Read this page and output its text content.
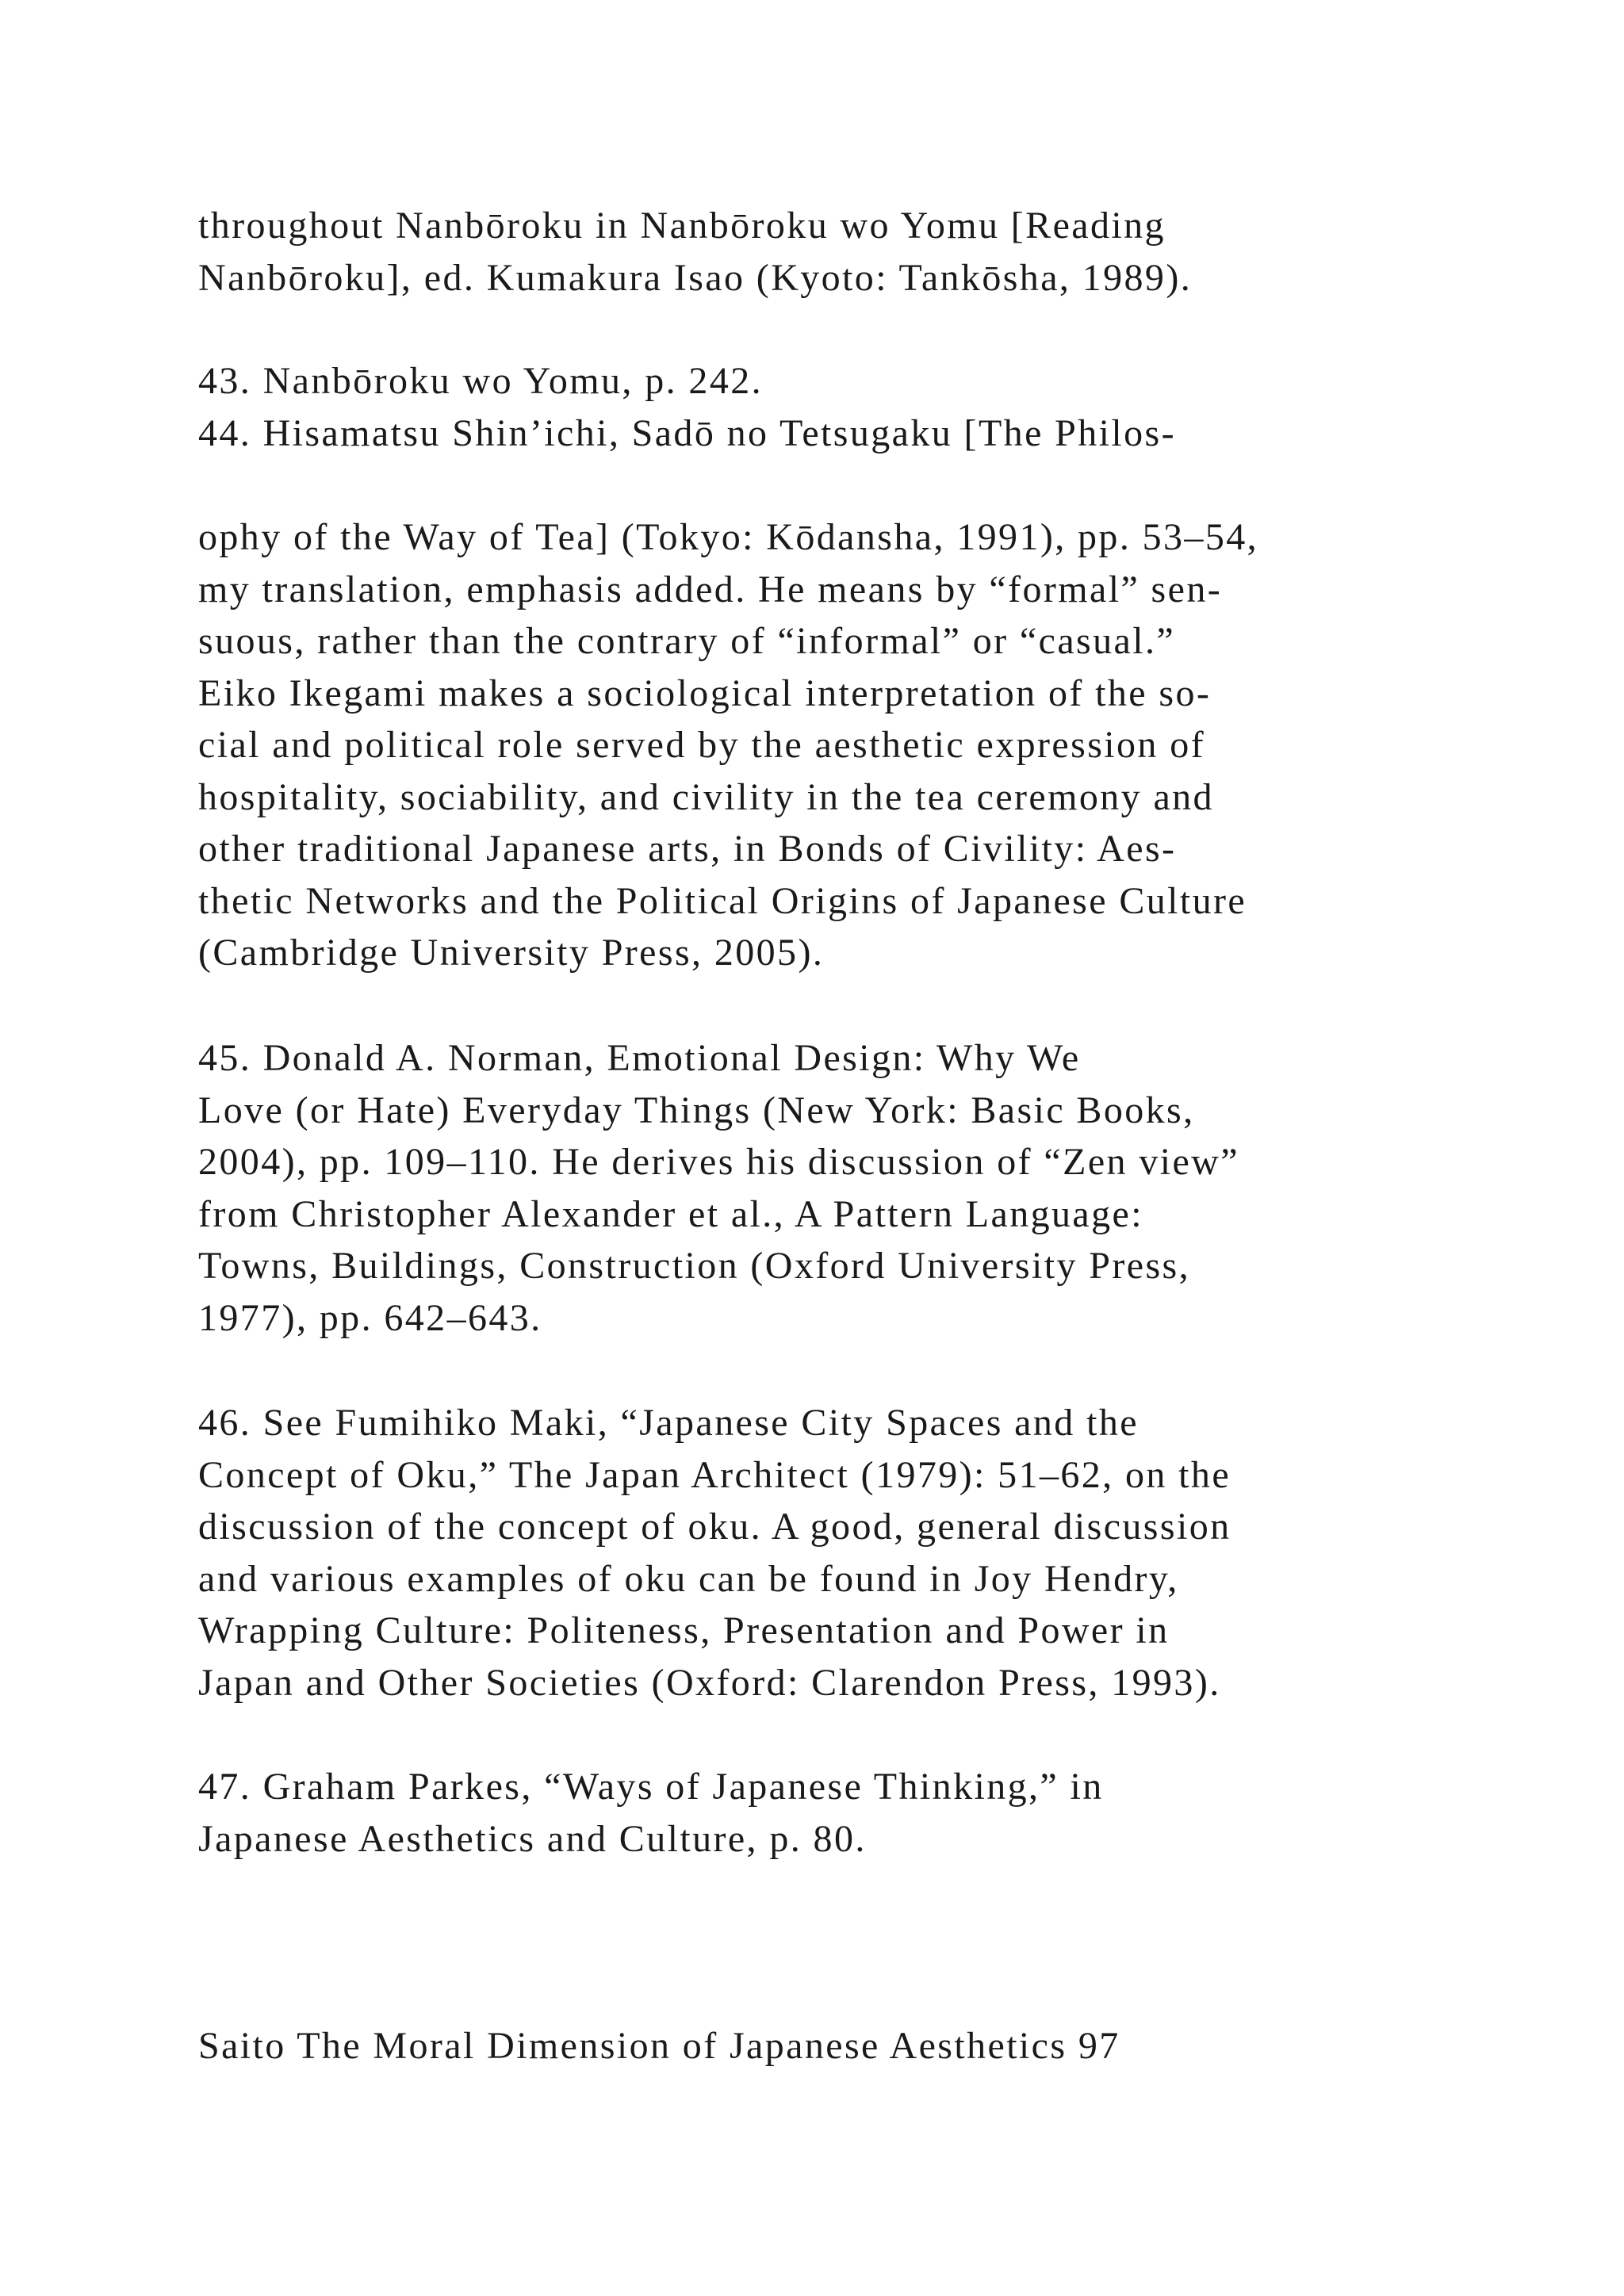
throughout Nanbōroku in Nanbōroku wo Yomu [Reading
Nanbōroku], ed. Kumakura Isao (Kyoto: Tankōsha, 1989).
43. Nanbōroku wo Yomu, p. 242.
44. Hisamatsu Shin’ichi, Sadō no Tetsugaku [The Philos-
ophy of the Way of Tea] (Tokyo: Kōdansha, 1991), pp. 53–54,
my translation, emphasis added. He means by “formal” sen-
suous, rather than the contrary of “informal” or “casual.”
Eiko Ikegami makes a sociological interpretation of the so-
cial and political role served by the aesthetic expression of
hospitality, sociability, and civility in the tea ceremony and
other traditional Japanese arts, in Bonds of Civility: Aes-
thetic Networks and the Political Origins of Japanese Culture
(Cambridge University Press, 2005).
45. Donald A. Norman, Emotional Design: Why We
Love (or Hate) Everyday Things (New York: Basic Books,
2004), pp. 109–110. He derives his discussion of “Zen view”
from Christopher Alexander et al., A Pattern Language:
Towns, Buildings, Construction (Oxford University Press,
1977), pp. 642–643.
46. See Fumihiko Maki, “Japanese City Spaces and the
Concept of Oku,” The Japan Architect (1979): 51–62, on the
discussion of the concept of oku. A good, general discussion
and various examples of oku can be found in Joy Hendry,
Wrapping Culture: Politeness, Presentation and Power in
Japan and Other Societies (Oxford: Clarendon Press, 1993).
47. Graham Parkes, “Ways of Japanese Thinking,” in
Japanese Aesthetics and Culture, p. 80.
Saito The Moral Dimension of Japanese Aesthetics 97
